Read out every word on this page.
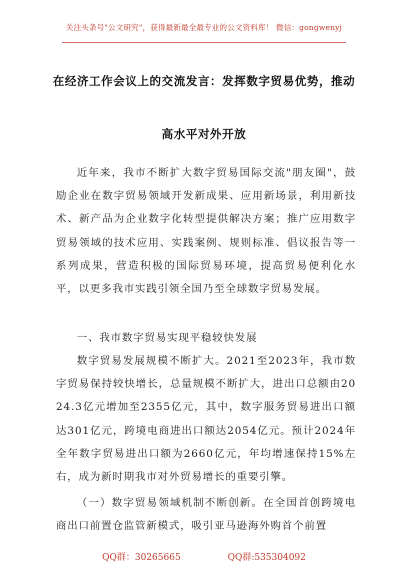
关注头条号"公文研究"，获得最新最全最专业的公文资料库！ 微信：gongwenyj
在经济工作会议上的交流发言：发挥数字贸易优势，推动
高水平对外开放
近年来，我市不断扩大数字贸易国际交流"朋友圈"，鼓励企业在数字贸易领域开发新成果、应用新场景，利用新技术、新产品为企业数字化转型提供解决方案；推广应用数字贸易领域的技术应用、实践案例、规则标准、倡议报告等一系列成果，营造积极的国际贸易环境，提高贸易便利化水平，以更多我市实践引领全国乃至全球数字贸易发展。
一、我市数字贸易实现平稳较快发展
数字贸易发展规模不断扩大。2021至2023年，我市数字贸易保持较快增长，总量规模不断扩大，进出口总额由2024.3亿元增加至2355亿元，其中，数字服务贸易进出口额达301亿元，跨境电商进出口额达2054亿元。预计2024年全年数字贸易进出口额为2660亿元，年均增速保持15%左右，成为新时期我市对外贸易增长的重要引擎。
（一）数字贸易领域机制不断创新。在全国首创跨境电商出口前置仓监管新模式，吸引亚马逊海外购首个前置
QQ群：30265665	QQ群:535304092
